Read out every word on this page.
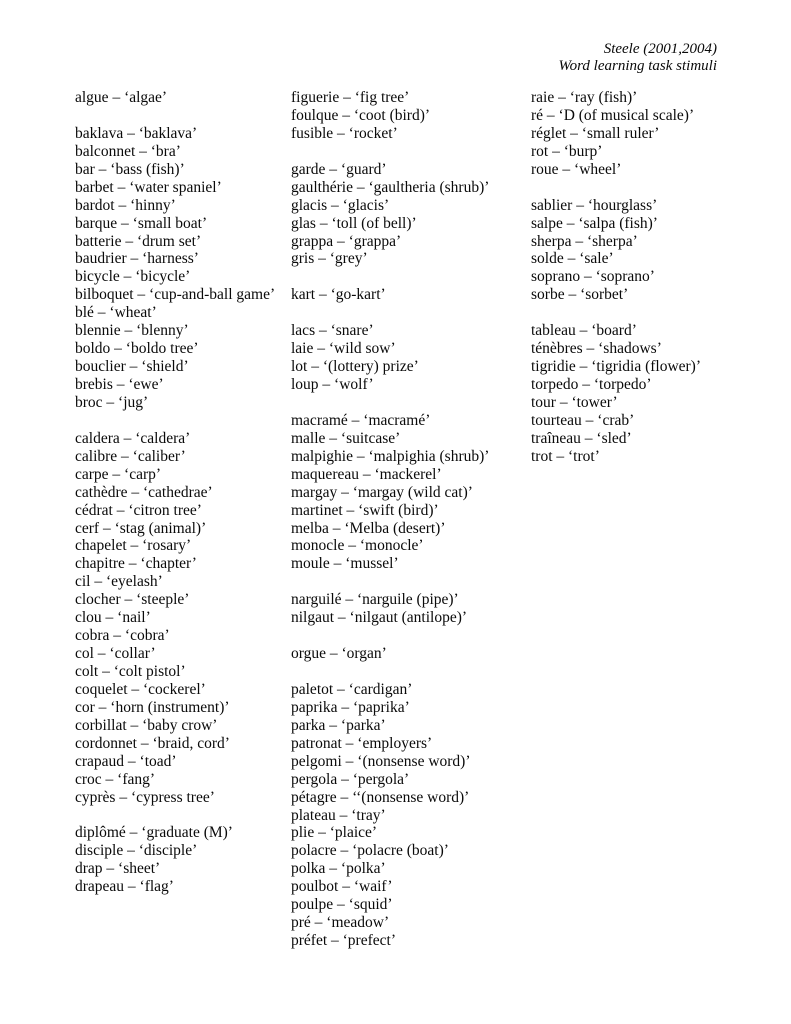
Steele (2001,2004)
Word learning task stimuli
algue – ‘algae’

baklava – ‘baklava’
balconnet – ‘bra’
bar – ‘bass (fish)’
barbet – ‘water spaniel’
bardot – ‘hinny’
barque – ‘small boat’
batterie – ‘drum set’
baudrier – ‘harness’
bicycle – ‘bicycle’
bilboquet – ‘cup-and-ball game’
blé – ‘wheat’
blennie – ‘blenny’
boldo – ‘boldo tree’
bouclier – ‘shield’
brebis – ‘ewe’
broc – ‘jug’

caldera – ‘caldera’
calibre – ‘caliber’
carpe – ‘carp’
cathèdre – ‘cathedrae’
cédrat – ‘citron tree’
cerf – ‘stag (animal)’
chapelet – ‘rosary’
chapitre – ‘chapter’
cil – ‘eyelash’
clocher – ‘steeple’
clou – ‘nail’
cobra – ‘cobra’
col – ‘collar’
colt – ‘colt pistol’
coquelet – ‘cockerel’
cor – ‘horn (instrument)’
corbillat – ‘baby crow’
cordonnet – ‘braid, cord’
crapaud – ‘toad’
croc – ‘fang’
cyprès – ‘cypress tree’

diplômé – ‘graduate (M)’
disciple – ‘disciple’
drap – ‘sheet’
drapeau – ‘flag’
figuerie – ‘fig tree’
foulque – ‘coot (bird)’
fusible – ‘rocket’

garde – ‘guard’
gaulthérie – ‘gaultheria (shrub)’
glacis – ‘glacis’
glas – ‘toll (of bell)’
grappa – ‘grappa’
gris – ‘grey’

kart – ‘go-kart’

lacs – ‘snare’
laie – ‘wild sow’
lot – ‘(lottery) prize’
loup – ‘wolf’

macramé – ‘macramé’
malle – ‘suitcase’
malpighie – ‘malpighia (shrub)’
maquereau – ‘mackerel’
margay – ‘margay (wild cat)’
martinet – ‘swift (bird)’
melba – ‘Melba (desert)’
monocle – ‘monocle’
moule – ‘mussel’

narguilé – ‘narguile (pipe)’
nilgaut – ‘nilgaut (antilope)’

orgue – ‘organ’

paletot – ‘cardigan’
paprika – ‘paprika’
parka – ‘parka’
patronat – ‘employers’
pelgomi – ‘(nonsense word)’
pergola – ‘pergola’
pétagre – ‘‘(nonsense word)’
plateau – ‘tray’
plie – ‘plaice’
polacre – ‘polacre (boat)’
polka – ‘polka’
poulbot – ‘waif’
poulpe – ‘squid’
pré – ‘meadow’
préfet – ‘prefect’
raie – ‘ray (fish)’
ré – ‘D (of musical scale)’
réglet – ‘small ruler’
rot – ‘burp’
roue – ‘wheel’

sablier – ‘hourglass’
salpe – ‘salpa (fish)’
sherpa – ‘sherpa’
solde – ‘sale’
soprano – ‘soprano’
sorbe – ‘sorbet’

tableau – ‘board’
ténèbres – ‘shadows’
tigridie – ‘tigridia (flower)’
torpedo – ‘torpedo’
tour – ‘tower’
tourteau – ‘crab’
traîneau – ‘sled’
trot – ‘trot’
